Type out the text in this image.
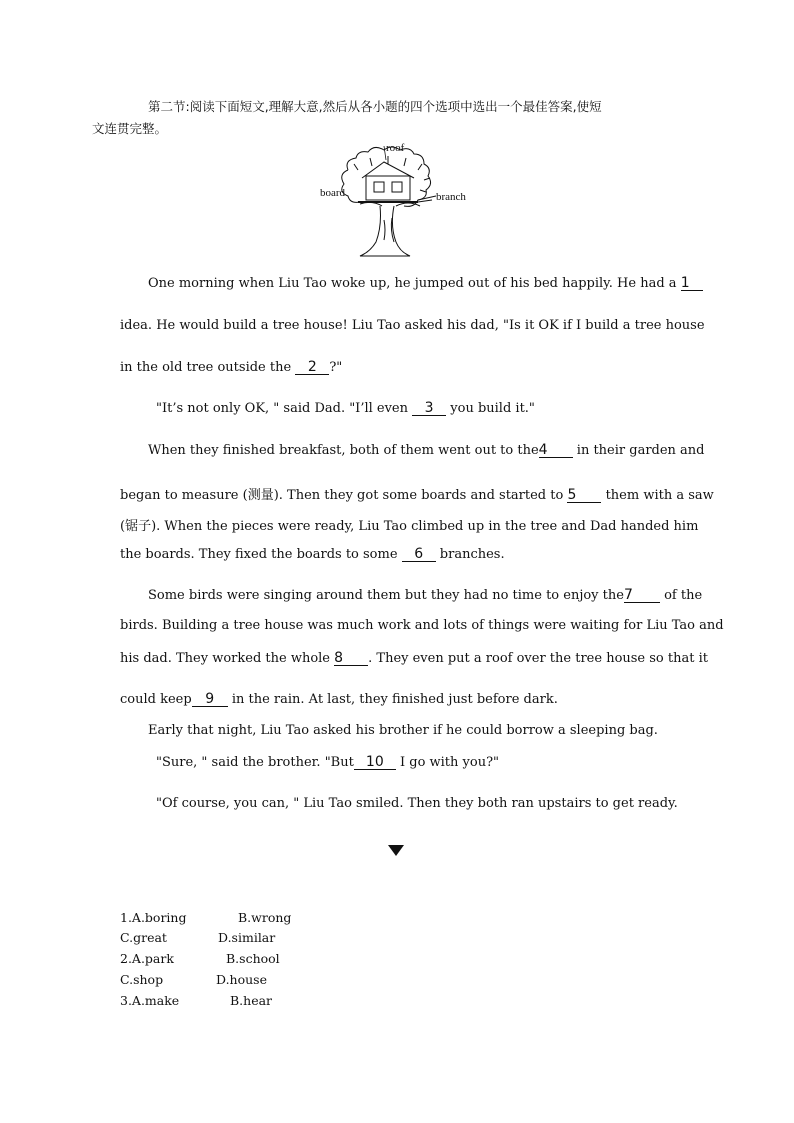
第二节:阅读下面短文,理解大意,然后从各小题的四个选项中选出一个最佳答案,使短
文连贯完整。
roof
board	branch
One morning when Liu Tao woke up, he jumped out of his bed happily. He had a 1
idea. He would build a tree house! Liu Tao asked his dad, "Is it OK if I build a tree house
in the old tree outside the 2 ?"
"It’s not only OK, " said Dad. "I’ll even 3 you build it."
When they finished breakfast, both of them went out to the4 in their garden and
began to measure (测量). Then they got some boards and started to 5 them with a saw
(锯子). When the pieces were ready, Liu Tao climbed up in the tree and Dad handed him
the boards. They fixed the boards to some 6 branches.
Some birds were singing around them but they had no time to enjoy the7 of the
birds. Building a tree house was much work and lots of things were waiting for Liu Tao and
his dad. They worked the whole 8 . They even put a roof over the tree house so that it
could keep 9 in the rain. At last, they finished just before dark.
Early that night, Liu Tao asked his brother if he could borrow a sleeping bag.
"Sure, " said the brother. "But 10 I go with you?"
"Of course, you can, " Liu Tao smiled. Then they both ran upstairs to get ready.
1.A.boring	B.wrong
C.great	D.similar
2.A.park	B.school
C.shop	D.house
3.A.make	B.hear
